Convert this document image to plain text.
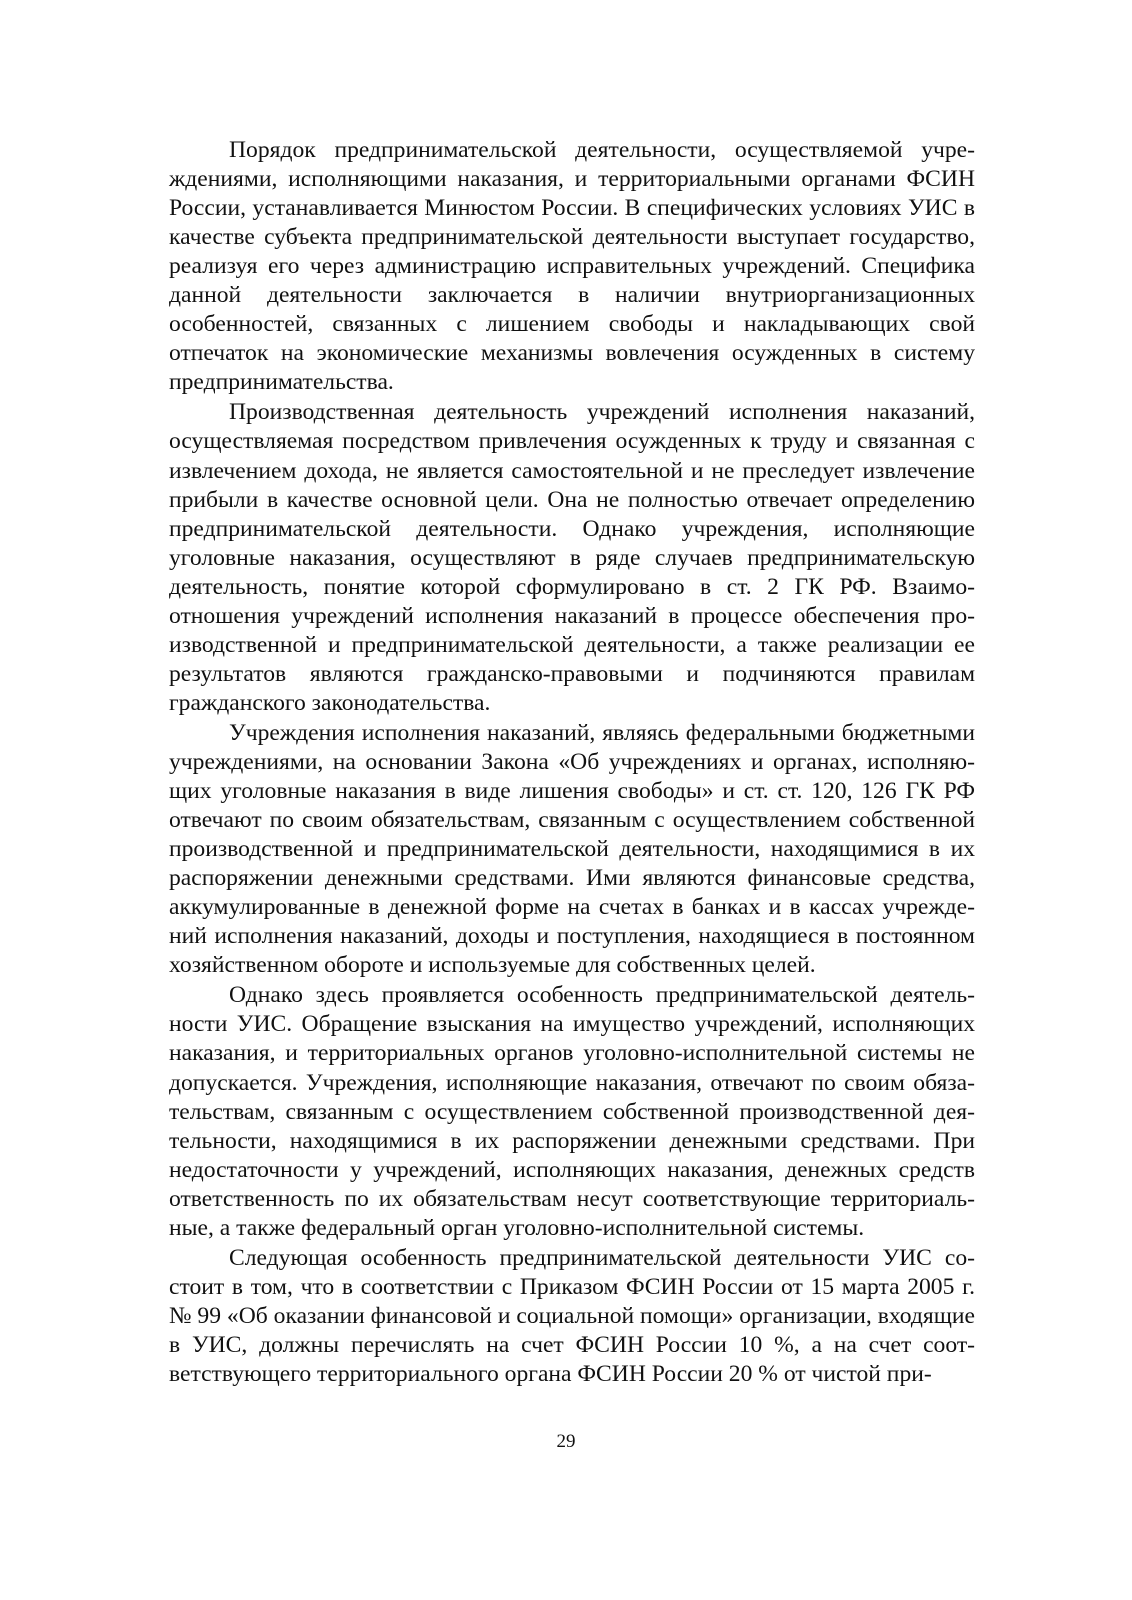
Порядок предпринимательской деятельности, осуществляемой учреждениями, исполняющими наказания, и территориальными органами ФСИН России, устанавливается Минюстом России. В специфических условиях УИС в качестве субъекта предпринимательской деятельности выступает государство, реализуя его через администрацию исправительных учреждений. Специфика данной деятельности заключается в наличии внутриорганизационных особенностей, связанных с лишением свободы и накладывающих свой отпечаток на экономические механизмы вовлечения осужденных в систему предпринимательства.

Производственная деятельность учреждений исполнения наказаний, осуществляемая посредством привлечения осужденных к труду и связанная с извлечением дохода, не является самостоятельной и не преследует извлечение прибыли в качестве основной цели. Она не полностью отвечает определению предпринимательской деятельности. Однако учреждения, исполняющие уголовные наказания, осуществляют в ряде случаев предпринимательскую деятельность, понятие которой сформулировано в ст. 2 ГК РФ. Взаимоотношения учреждений исполнения наказаний в процессе обеспечения производственной и предпринимательской деятельности, а также реализации ее результатов являются гражданско-правовыми и подчиняются правилам гражданского законодательства.

Учреждения исполнения наказаний, являясь федеральными бюджетными учреждениями, на основании Закона «Об учреждениях и органах, исполняющих уголовные наказания в виде лишения свободы» и ст. ст. 120, 126 ГК РФ отвечают по своим обязательствам, связанным с осуществлением собственной производственной и предпринимательской деятельности, находящимися в их распоряжении денежными средствами. Ими являются финансовые средства, аккумулированные в денежной форме на счетах в банках и в кассах учреждений исполнения наказаний, доходы и поступления, находящиеся в постоянном хозяйственном обороте и используемые для собственных целей.

Однако здесь проявляется особенность предпринимательской деятельности УИС. Обращение взыскания на имущество учреждений, исполняющих наказания, и территориальных органов уголовно-исполнительной системы не допускается. Учреждения, исполняющие наказания, отвечают по своим обязательствам, связанным с осуществлением собственной производственной деятельности, находящимися в их распоряжении денежными средствами. При недостаточности у учреждений, исполняющих наказания, денежных средств ответственность по их обязательствам несут соответствующие территориальные, а также федеральный орган уголовно-исполнительной системы.

Следующая особенность предпринимательской деятельности УИС состоит в том, что в соответствии с Приказом ФСИН России от 15 марта 2005 г. № 99 «Об оказании финансовой и социальной помощи» организации, входящие в УИС, должны перечислять на счет ФСИН России 10 %, а на счет соответствующего территориального органа ФСИН России 20 % от чистой при-

29
